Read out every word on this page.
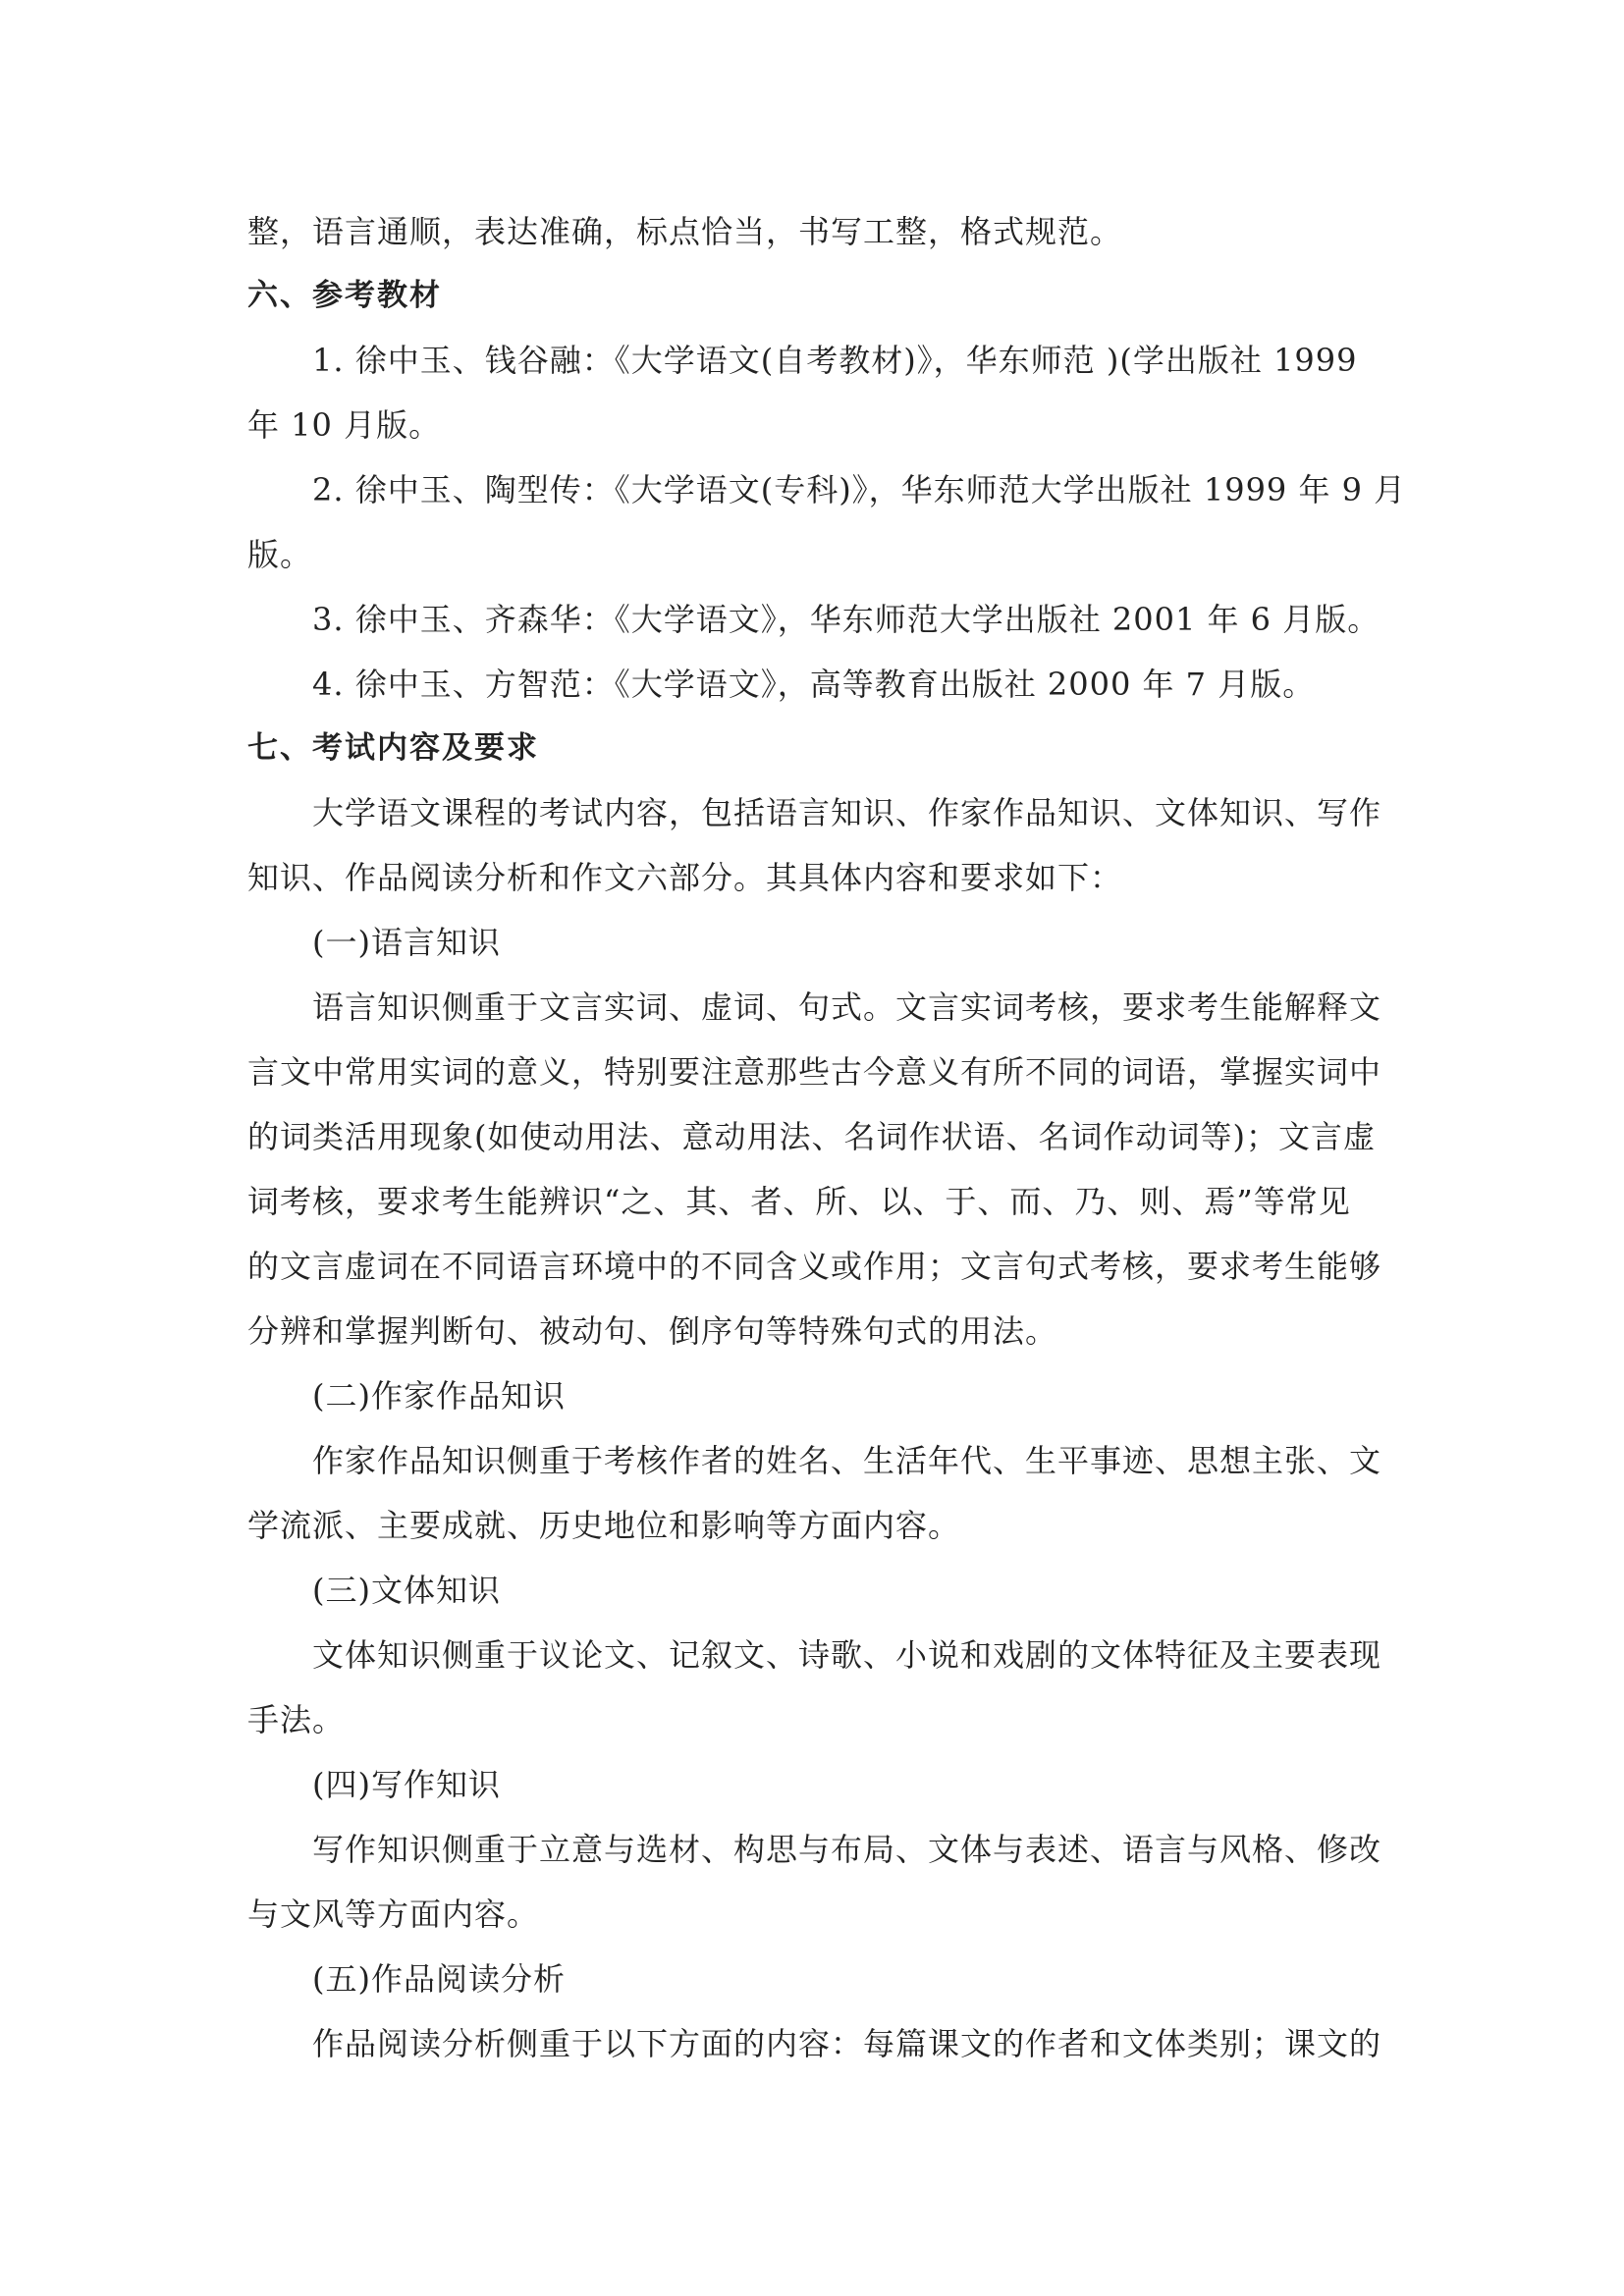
整，语言通顺，表达准确，标点恰当，书写工整，格式规范。
六、参考教材
1. 徐中玉、钱谷融：《大学语文(自考教材)》，华东师范 )(学出版社 1999
年 10 月版。
2. 徐中玉、陶型传：《大学语文(专科)》，华东师范大学出版社 1999 年 9 月
版。
3. 徐中玉、齐森华：《大学语文》，华东师范大学出版社 2001 年 6 月版。
4. 徐中玉、方智范：《大学语文》，高等教育出版社 2000 年 7 月版。
七、考试内容及要求
大学语文课程的考试内容，包括语言知识、作家作品知识、文体知识、写作
知识、作品阅读分析和作文六部分。其具体内容和要求如下：
(一)语言知识
语言知识侧重于文言实词、虚词、句式。文言实词考核，要求考生能解释文
言文中常用实词的意义，特别要注意那些古今意义有所不同的词语，掌握实词中
的词类活用现象(如使动用法、意动用法、名词作状语、名词作动词等)；文言虚
词考核，要求考生能辨识“之、其、者、所、以、于、而、乃、则、焉”等常见
的文言虚词在不同语言环境中的不同含义或作用；文言句式考核，要求考生能够
分辨和掌握判断句、被动句、倒序句等特殊句式的用法。
(二)作家作品知识
作家作品知识侧重于考核作者的姓名、生活年代、生平事迹、思想主张、文
学流派、主要成就、历史地位和影响等方面内容。
(三)文体知识
文体知识侧重于议论文、记叙文、诗歌、小说和戏剧的文体特征及主要表现
手法。
(四)写作知识
写作知识侧重于立意与选材、构思与布局、文体与表述、语言与风格、修改
与文风等方面内容。
(五)作品阅读分析
作品阅读分析侧重于以下方面的内容：每篇课文的作者和文体类别；课文的
